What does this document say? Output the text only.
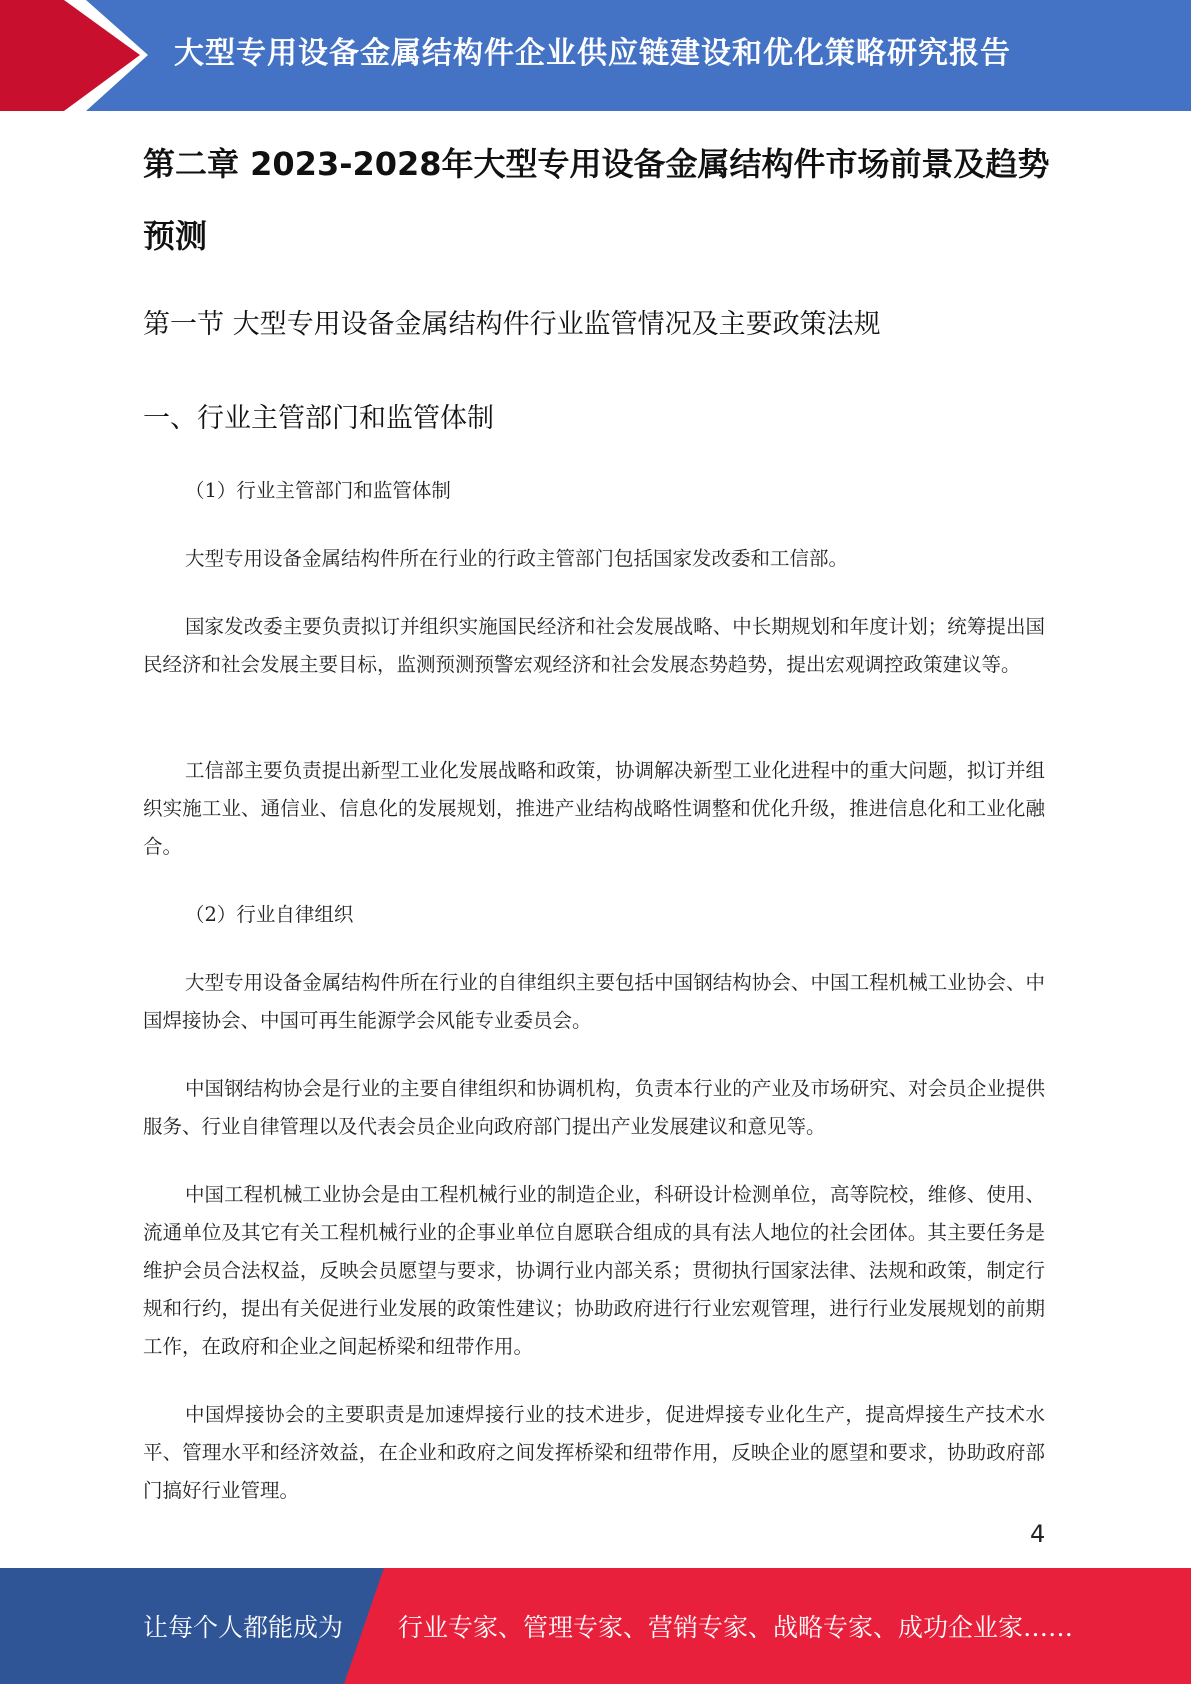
大型专用设备金属结构件企业供应链建设和优化策略研究报告
第二章 2023-2028年大型专用设备金属结构件市场前景及趋势预测
第一节 大型专用设备金属结构件行业监管情况及主要政策法规
一、行业主管部门和监管体制

（1）行业主管部门和监管体制

大型专用设备金属结构件所在行业的行政主管部门包括国家发改委和工信部。

国家发改委主要负责拟订并组织实施国民经济和社会发展战略、中长期规划和年度计划；统筹提出国民经济和社会发展主要目标，监测预测预警宏观经济和社会发展态势趋势，提出宏观调控政策建议等。

工信部主要负责提出新型工业化发展战略和政策，协调解决新型工业化进程中的重大问题，拟订并组织实施工业、通信业、信息化的发展规划，推进产业结构战略性调整和优化升级，推进信息化和工业化融合。

（2）行业自律组织

大型专用设备金属结构件所在行业的自律组织主要包括中国钢结构协会、中国工程机械工业协会、中国焊接协会、中国可再生能源学会风能专业委员会。

中国钢结构协会是行业的主要自律组织和协调机构，负责本行业的产业及市场研究、对会员企业提供服务、行业自律管理以及代表会员企业向政府部门提出产业发展建议和意见等。

中国工程机械工业协会是由工程机械行业的制造企业，科研设计检测单位，高等院校，维修、使用、流通单位及其它有关工程机械行业的企事业单位自愿联合组成的具有法人地位的社会团体。其主要任务是维护会员合法权益，反映会员愿望与要求，协调行业内部关系；贯彻执行国家法律、法规和政策，制定行规和行约，提出有关促进行业发展的政策性建议；协助政府进行行业宏观管理，进行行业发展规划的前期工作，在政府和企业之间起桥梁和纽带作用。

中国焊接协会的主要职责是加速焊接行业的技术进步，促进焊接专业化生产，提高焊接生产技术水平、管理水平和经济效益，在企业和政府之间发挥桥梁和纽带作用，反映企业的愿望和要求，协助政府部门搞好行业管理。

4
让每个人都能成为 行业专家、管理专家、营销专家、战略专家、成功企业家……
